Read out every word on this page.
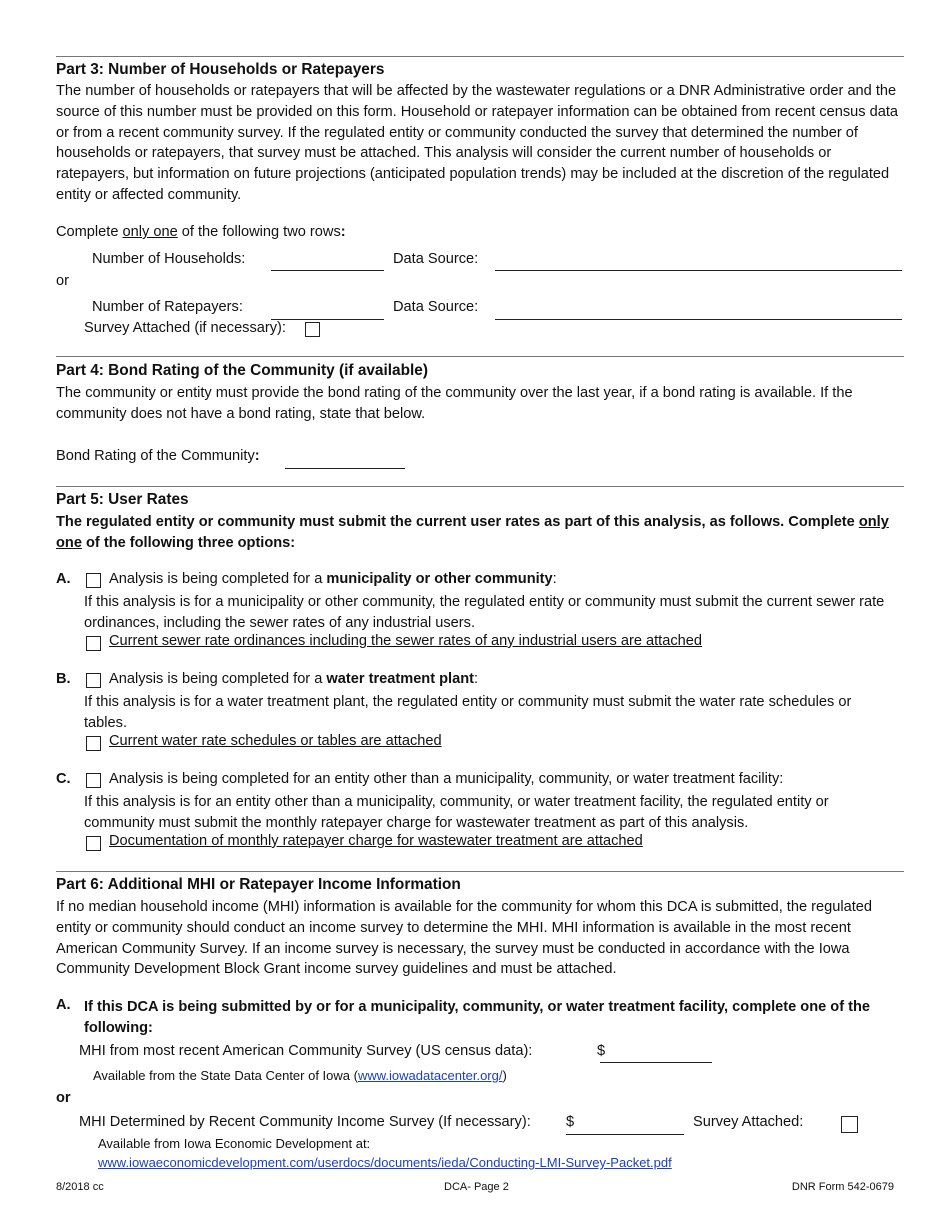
Part 3: Number of Households or Ratepayers
The number of households or ratepayers that will be affected by the wastewater regulations or a DNR Administrative order and the source of this number must be provided on this form. Household or ratepayer information can be obtained from recent census data or from a recent community survey. If the regulated entity or community conducted the survey that determined the number of households or ratepayers, that survey must be attached. This analysis will consider the current number of households or ratepayers, but information on future projections (anticipated population trends) may be included at the discretion of the regulated entity or affected community.
Complete only one of the following two rows:
Number of Households:	Data Source:
or
Number of Ratepayers:	Data Source:
Survey Attached (if necessary):
Part 4: Bond Rating of the Community (if available)
The community or entity must provide the bond rating of the community over the last year, if a bond rating is available. If the community does not have a bond rating, state that below.
Bond Rating of the Community:
Part 5: User Rates
The regulated entity or community must submit the current user rates as part of this analysis, as follows. Complete only one of the following three options:
A.	Analysis is being completed for a municipality or other community:
If this analysis is for a municipality or other community, the regulated entity or community must submit the current sewer rate ordinances, including the sewer rates of any industrial users.
Current sewer rate ordinances including the sewer rates of any industrial users are attached
B.	Analysis is being completed for a water treatment plant:
If this analysis is for a water treatment plant, the regulated entity or community must submit the water rate schedules or tables.
Current water rate schedules or tables are attached
C.	Analysis is being completed for an entity other than a municipality, community, or water treatment facility:
If this analysis is for an entity other than a municipality, community, or water treatment facility, the regulated entity or community must submit the monthly ratepayer charge for wastewater treatment as part of this analysis.
Documentation of monthly ratepayer charge for wastewater treatment are attached
Part 6: Additional MHI or Ratepayer Income Information
If no median household income (MHI) information is available for the community for whom this DCA is submitted, the regulated entity or community should conduct an income survey to determine the MHI. MHI information is available in the most recent American Community Survey. If an income survey is necessary, the survey must be conducted in accordance with the Iowa Community Development Block Grant income survey guidelines and must be attached.
A. If this DCA is being submitted by or for a municipality, community, or water treatment facility, complete one of the following:
MHI from most recent American Community Survey (US census data):	$
Available from the State Data Center of Iowa (www.iowadatacenter.org/)
or
MHI Determined by Recent Community Income Survey (If necessary): $	Survey Attached:
Available from Iowa Economic Development at:
www.iowaeconomicdevelopment.com/userdocs/documents/ieda/Conducting-LMI-Survey-Packet.pdf
8/2018 cc	DCA- Page 2	DNR Form 542-0679
